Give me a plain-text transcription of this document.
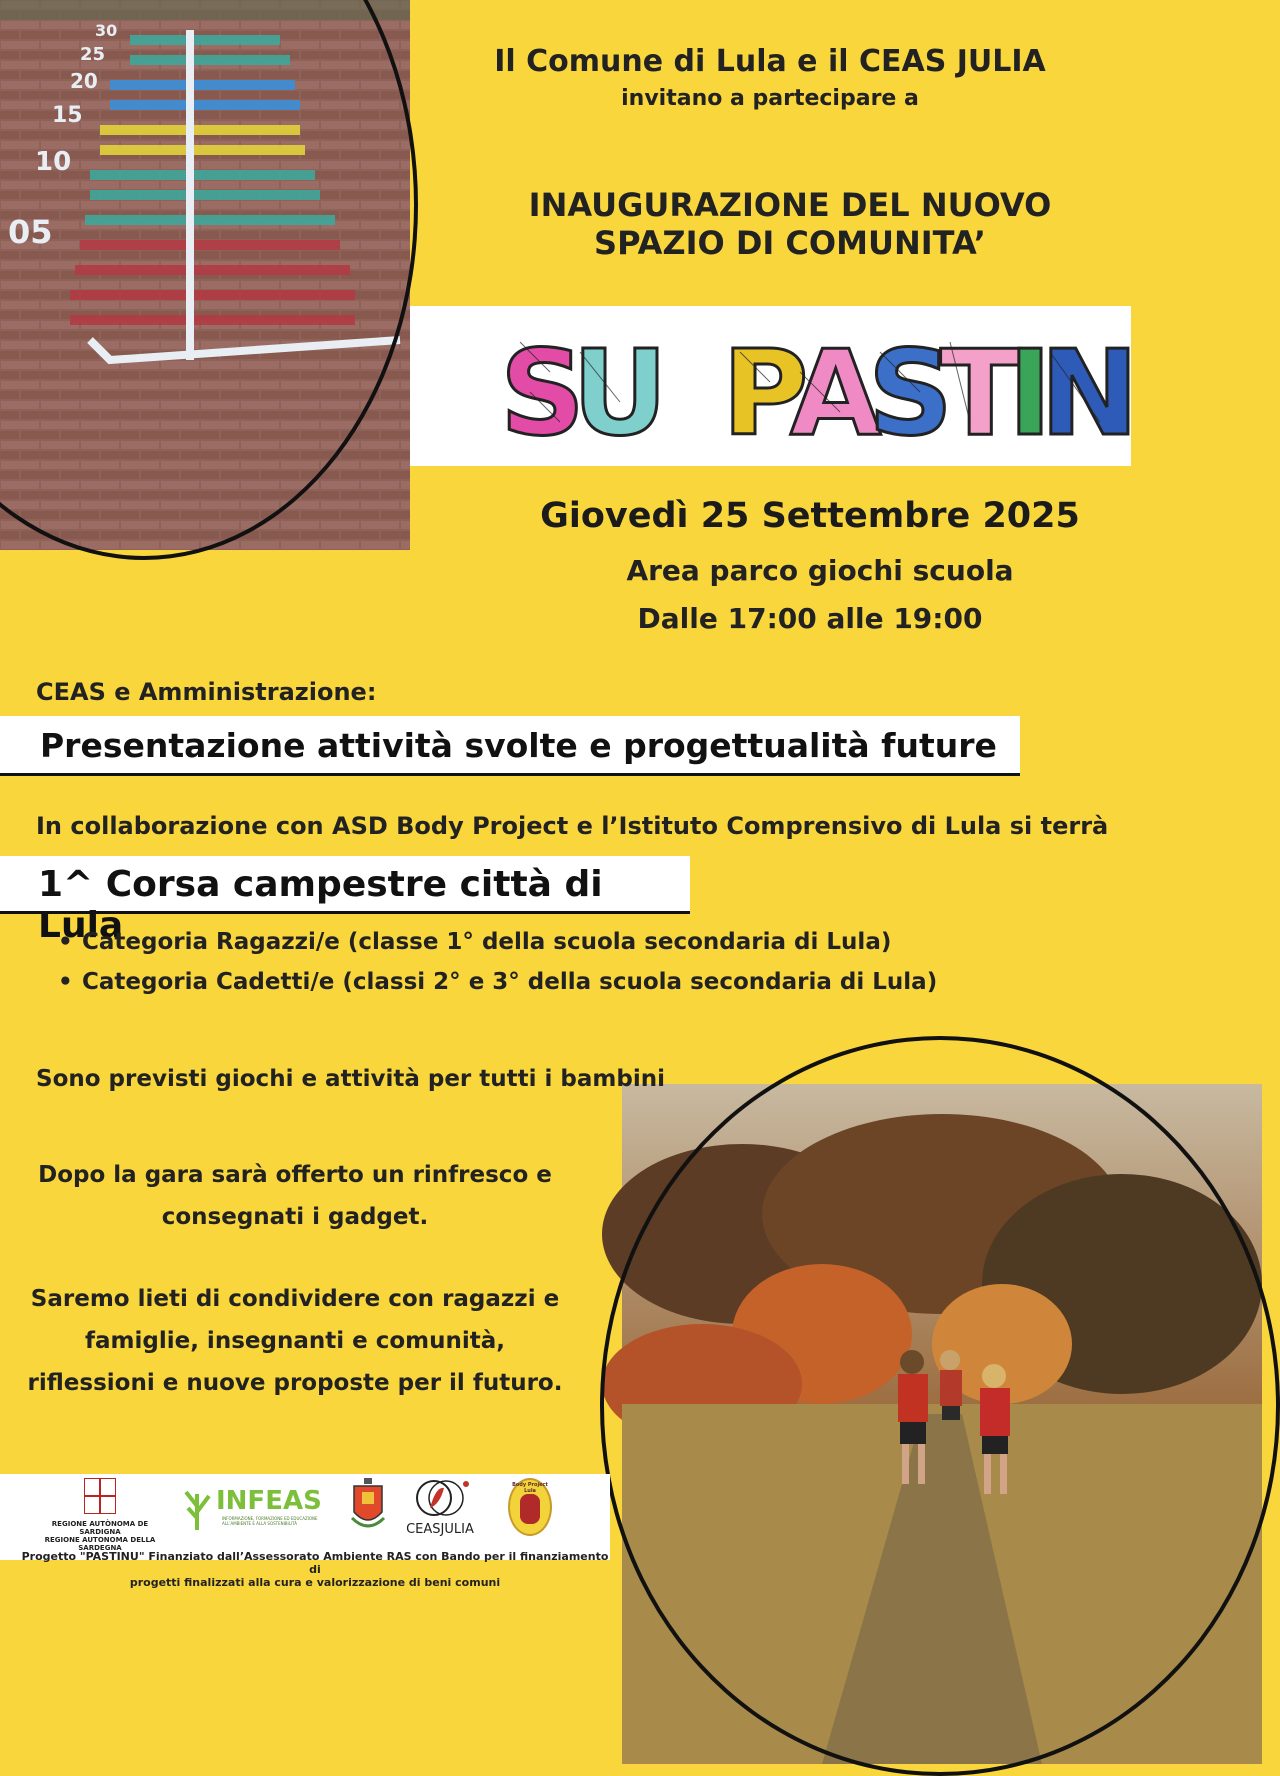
30
25
20
15
10
05
Il Comune di Lula e il CEAS JULIA
invitano a partecipare a
INAUGURAZIONE DEL NUOVO
SPAZIO DI COMUNITA’
S
U P
A
S
T
I
N
Giovedì 25 Settembre 2025
Area parco giochi scuola
Dalle 17:00 alle 19:00
CEAS e Amministrazione:
Presentazione attività svolte e progettualità future
In collaborazione con ASD Body Project e l’Istituto Comprensivo di Lula si terrà
1^ Corsa campestre città di Lula
• Categoria Ragazzi/e (classe 1° della scuola secondaria di Lula)
• Categoria Cadetti/e (classi 2° e 3° della scuola secondaria di Lula)
Sono previsti giochi e attività per tutti i bambini
Dopo la gara sarà offerto un rinfresco e
consegnati i gadget.
Saremo lieti di condividere con ragazzi e
famiglie, insegnanti e comunità,
riflessioni e nuove proposte per il futuro.
REGIONE AUTÒNOMA DE SARDIGNA
REGIONE AUTONOMA DELLA SARDEGNA
INFEAS
INFORMAZIONE, FORMAZIONE ED EDUCAZIONE ALL’AMBIENTE E ALLA SOSTENIBILITÀ	CEASJULIA
Body Project Lula
Progetto "PASTINU" Finanziato dall’Assessorato Ambiente RAS con Bando per il finanziamento di
progetti finalizzati alla cura e valorizzazione di beni comuni
